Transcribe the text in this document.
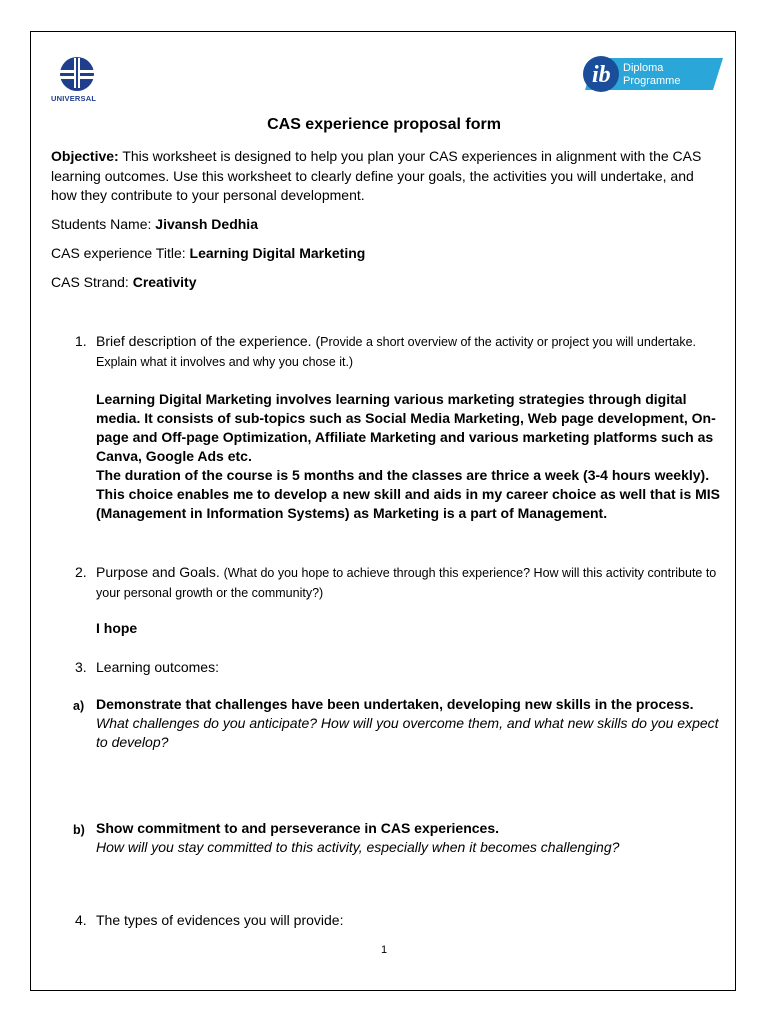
UNIVERSAL
ib Diploma
Programme
CAS experience proposal form
Objective: This worksheet is designed to help you plan your CAS experiences in alignment with the CAS learning outcomes. Use this worksheet to clearly define your goals, the activities you will undertake, and how they contribute to your personal development.
Students Name: Jivansh Dedhia
CAS experience Title: Learning Digital Marketing
CAS Strand: Creativity
1. Brief description of the experience. (Provide a short overview of the activity or project you will undertake. Explain what it involves and why you chose it.)
Learning Digital Marketing involves learning various marketing strategies through digital media. It consists of sub-topics such as Social Media Marketing, Web page development, On-page and Off-page Optimization, Affiliate Marketing and various marketing platforms such as Canva, Google Ads etc.
The duration of the course is 5 months and the classes are thrice a week (3-4 hours weekly).
This choice enables me to develop a new skill and aids in my career choice as well that is MIS (Management in Information Systems) as Marketing is a part of Management.
2. Purpose and Goals. (What do you hope to achieve through this experience? How will this activity contribute to your personal growth or the community?)
I hope
3. Learning outcomes:
a) Demonstrate that challenges have been undertaken, developing new skills in the process.
What challenges do you anticipate? How will you overcome them, and what new skills do you expect to develop?
b) Show commitment to and perseverance in CAS experiences.
How will you stay committed to this activity, especially when it becomes challenging?
4. The types of evidences you will provide:
1
